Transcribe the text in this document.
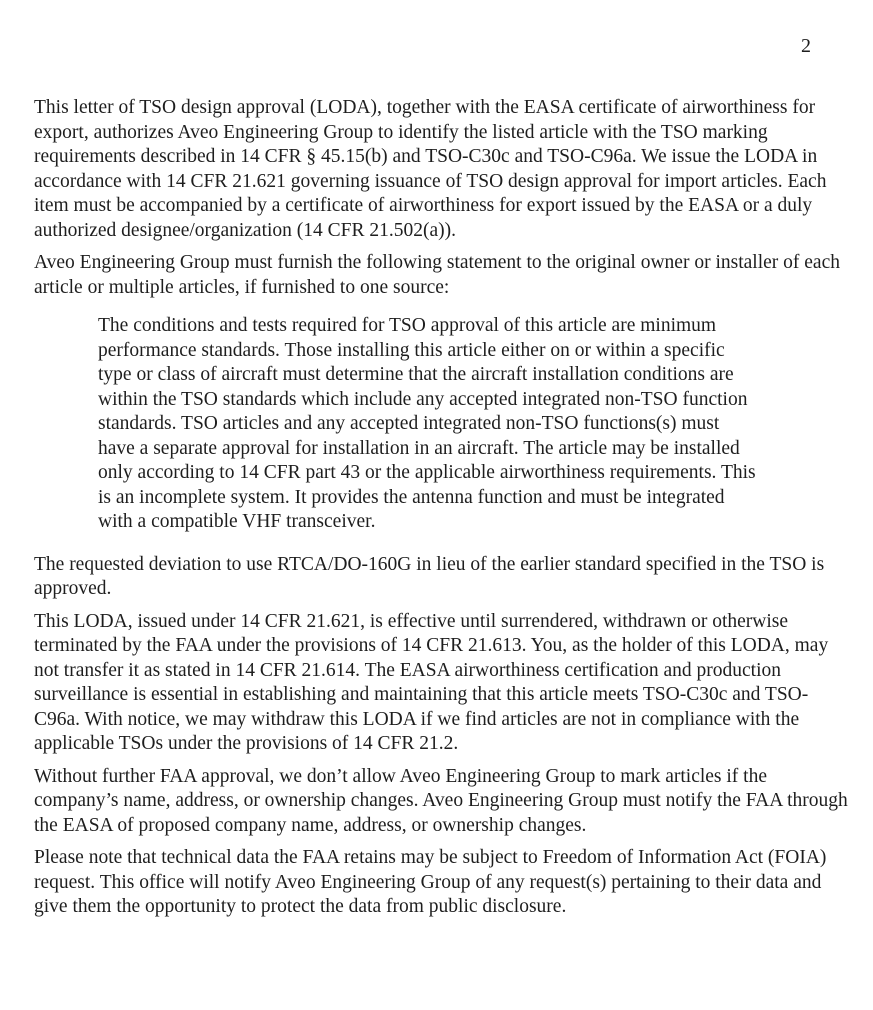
2

This letter of TSO design approval (LODA), together with the EASA certificate of airworthiness for export, authorizes Aveo Engineering Group to identify the listed article with the TSO marking requirements described in 14 CFR § 45.15(b) and TSO-C30c and TSO-C96a. We issue the LODA in accordance with 14 CFR 21.621 governing issuance of TSO design approval for import articles. Each item must be accompanied by a certificate of airworthiness for export issued by the EASA or a duly authorized designee/organization (14 CFR 21.502(a)).

Aveo Engineering Group must furnish the following statement to the original owner or installer of each article or multiple articles, if furnished to one source:

The conditions and tests required for TSO approval of this article are minimum performance standards. Those installing this article either on or within a specific type or class of aircraft must determine that the aircraft installation conditions are within the TSO standards which include any accepted integrated non-TSO function standards. TSO articles and any accepted integrated non-TSO functions(s) must have a separate approval for installation in an aircraft. The article may be installed only according to 14 CFR part 43 or the applicable airworthiness requirements. This is an incomplete system. It provides the antenna function and must be integrated with a compatible VHF transceiver.

The requested deviation to use RTCA/DO-160G in lieu of the earlier standard specified in the TSO is approved.

This LODA, issued under 14 CFR 21.621, is effective until surrendered, withdrawn or otherwise terminated by the FAA under the provisions of 14 CFR 21.613. You, as the holder of this LODA, may not transfer it as stated in 14 CFR 21.614. The EASA airworthiness certification and production surveillance is essential in establishing and maintaining that this article meets TSO-C30c and TSO-C96a. With notice, we may withdraw this LODA if we find articles are not in compliance with the applicable TSOs under the provisions of 14 CFR 21.2.

Without further FAA approval, we don’t allow Aveo Engineering Group to mark articles if the company’s name, address, or ownership changes. Aveo Engineering Group must notify the FAA through the EASA of proposed company name, address, or ownership changes.

Please note that technical data the FAA retains may be subject to Freedom of Information Act (FOIA) request. This office will notify Aveo Engineering Group of any request(s) pertaining to their data and give them the opportunity to protect the data from public disclosure.
